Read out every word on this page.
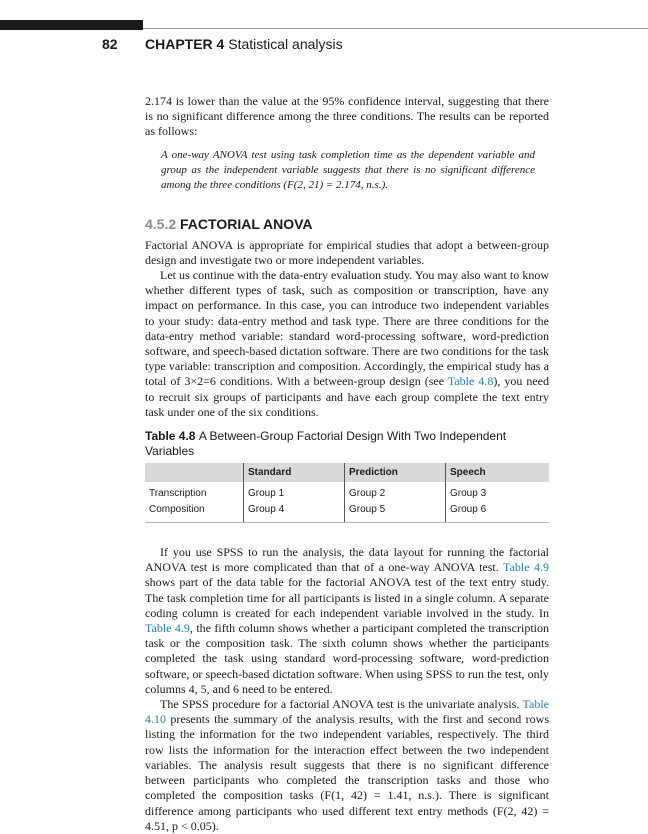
82 CHAPTER 4 Statistical analysis

2.174 is lower than the value at the 95% confidence interval, suggesting that there is no significant difference among the three conditions. The results can be reported as follows:

A one-way ANOVA test using task completion time as the dependent variable and group as the independent variable suggests that there is no significant difference among the three conditions (F(2, 21) = 2.174, n.s.).
4.5.2 FACTORIAL ANOVA

Factorial ANOVA is appropriate for empirical studies that adopt a between-group design and investigate two or more independent variables.

Let us continue with the data-entry evaluation study. You may also want to know whether different types of task, such as composition or transcription, have any impact on performance. In this case, you can introduce two independent variables to your study: data-entry method and task type. There are three conditions for the data-entry method variable: standard word-processing software, word-prediction software, and speech-based dictation software. There are two conditions for the task type variable: transcription and composition. Accordingly, the empirical study has a total of 3×2=6 conditions. With a between-group design (see Table 4.8), you need to recruit six groups of participants and have each group complete the text entry task under one of the six conditions.

Table 4.8 A Between-Group Factorial Design With Two Independent Variables
	Standard	Prediction	Speech
Transcription	Group 1	Group 2	Group 3
Composition	Group 4	Group 5	Group 6

If you use SPSS to run the analysis, the data layout for running the factorial ANOVA test is more complicated than that of a one-way ANOVA test. Table 4.9 shows part of the data table for the factorial ANOVA test of the text entry study. The task completion time for all participants is listed in a single column. A separate coding column is created for each independent variable involved in the study. In Table 4.9, the fifth column shows whether a participant completed the transcription task or the composition task. The sixth column shows whether the participants completed the task using standard word-processing software, word-prediction software, or speech-based dictation software. When using SPSS to run the test, only columns 4, 5, and 6 need to be entered.

The SPSS procedure for a factorial ANOVA test is the univariate analysis. Table 4.10 presents the summary of the analysis results, with the first and second rows listing the information for the two independent variables, respectively. The third row lists the information for the interaction effect between the two independent variables. The analysis result suggests that there is no significant difference between participants who completed the transcription tasks and those who completed the composition tasks (F(1, 42) = 1.41, n.s.). There is significant difference among participants who used different text entry methods (F(2, 42) = 4.51, p < 0.05).
